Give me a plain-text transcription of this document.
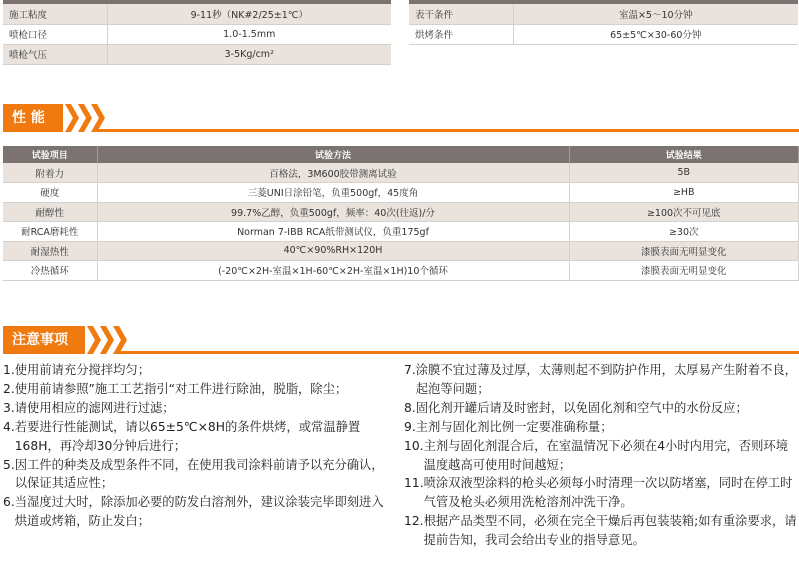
施工粘度	9-11秒（NK#2/25±1℃）
喷枪口径	1.0-1.5mm
喷枪气压	3-5Kg/cm²
表干条件	室温×5～10分钟
烘烤条件	65±5℃×30-60分钟
性 能
试验项目	试验方法	试验结果
附着力	百格法，3M600胶带测离试验	5B
硬度	三菱UNI日涂铅笔，负重500gf，45度角	≥HB
耐醇性	99.7%乙醇，负重500gf，频率：40次(往返)/分	≥100次不可见底
耐RCA磨耗性	Norman 7-IBB RCA纸带测试仪，负重175gf	≥30次
耐湿热性	40℃×90%RH×120H	漆膜表面无明显变化
冷热循环	(-20℃×2H-室温×1H-60℃×2H-室温×1H)10个循环	漆膜表面无明显变化
注意事项
1. 使用前请充分搅拌均匀；
2. 使用前请参照”施工工艺指引“对工件进行除油，脱脂，除尘；
3. 请使用相应的滤网进行过滤；
4. 若要进行性能测试，请以65±5℃×8H的条件烘烤，或常温静置168H，再冷却30分钟后进行；
5. 因工件的种类及成型条件不同，在使用我司涂料前请予以充分确认，以保证其适应性；
6. 当湿度过大时，除添加必要的防发白溶剂外，建议涂装完毕即刻进入烘道或烤箱，防止发白；
7. 涂膜不宜过薄及过厚，太薄则起不到防护作用，太厚易产生附着不良，起泡等问题；
8. 固化剂开罐后请及时密封，以免固化剂和空气中的水份反应；
9. 主剂与固化剂比例一定要准确称量；
10. 主剂与固化剂混合后，在室温情况下必须在4小时内用完，否则环境温度越高可使用时间越短；
11. 喷涂双液型涂料的枪头必须每小时清理一次以防堵塞，同时在停工时气管及枪头必须用洗枪溶剂冲洗干净。
12. 根据产品类型不同，必须在完全干燥后再包装装箱;如有重涂要求，请提前告知，我司会给出专业的指导意见。
